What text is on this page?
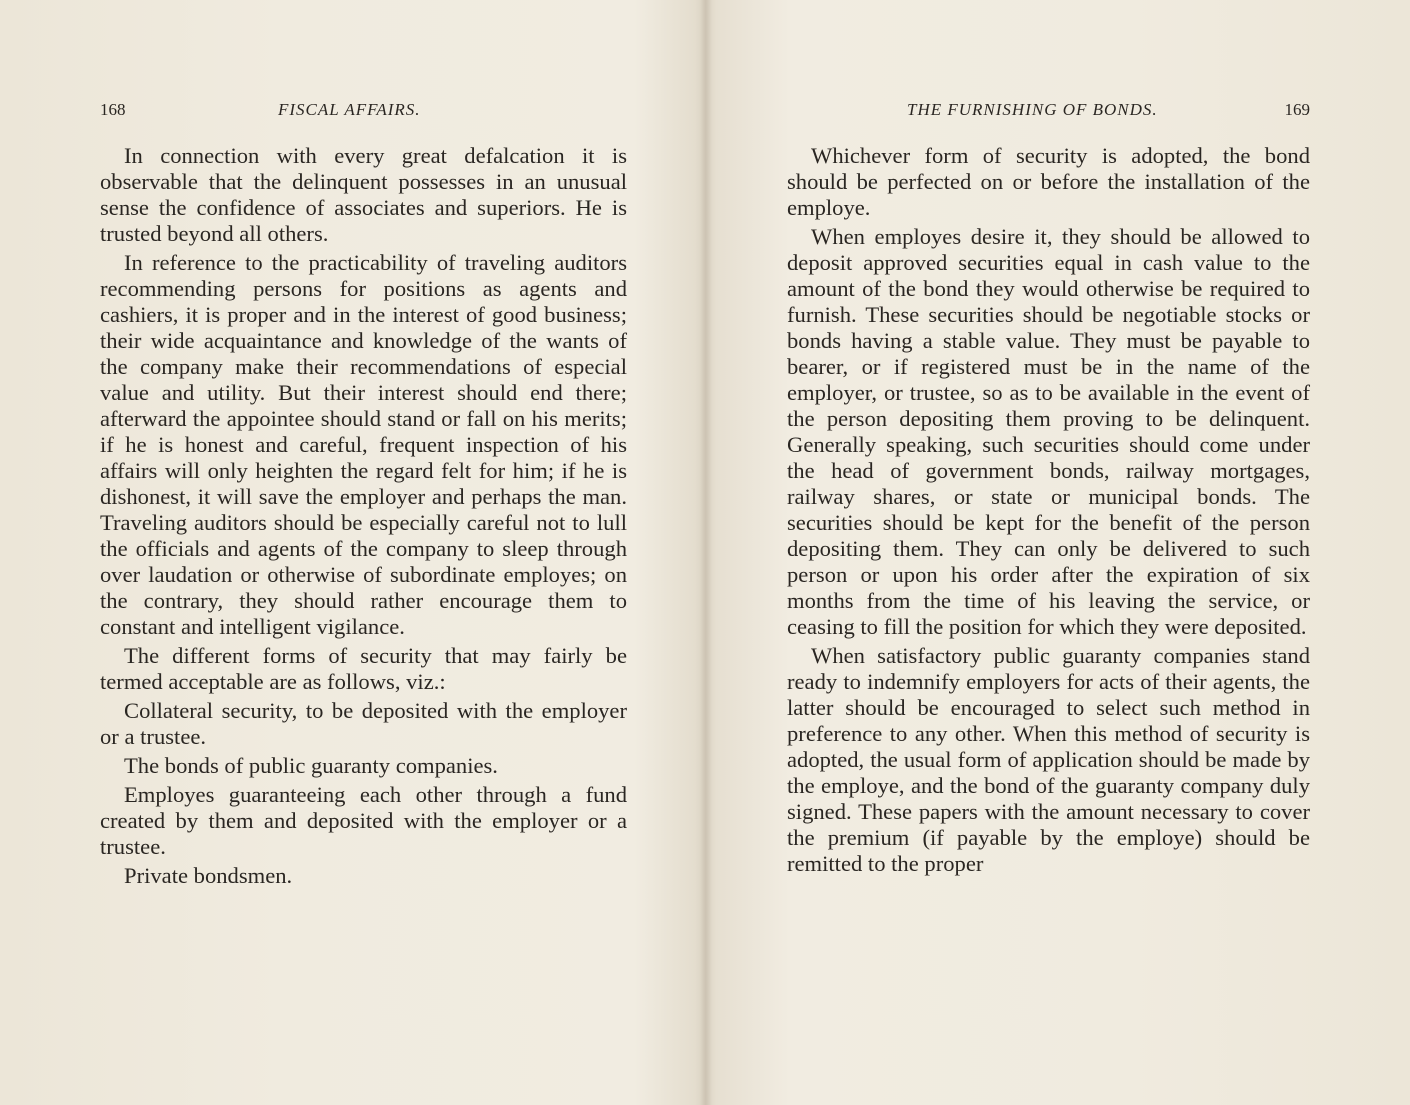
168	FISCAL AFFAIRS.

In connection with every great defalcation it is observable that the delinquent possesses in an unusual sense the confidence of associates and superiors. He is trusted beyond all others.

In reference to the practicability of traveling auditors recommending persons for positions as agents and cashiers, it is proper and in the interest of good business; their wide acquaintance and knowledge of the wants of the company make their recommendations of especial value and utility. But their interest should end there; afterward the appointee should stand or fall on his merits; if he is honest and careful, frequent inspection of his affairs will only heighten the regard felt for him; if he is dishonest, it will save the employer and perhaps the man. Traveling auditors should be especially careful not to lull the officials and agents of the company to sleep through over laudation or otherwise of subordinate employes; on the contrary, they should rather encourage them to constant and intelligent vigilance.

The different forms of security that may fairly be termed acceptable are as follows, viz.:

Collateral security, to be deposited with the employer or a trustee.

The bonds of public guaranty companies.

Employes guaranteeing each other through a fund created by them and deposited with the employer or a trustee.

Private bondsmen.

THE FURNISHING OF BONDS.	169

Whichever form of security is adopted, the bond should be perfected on or before the installation of the employe.

When employes desire it, they should be allowed to deposit approved securities equal in cash value to the amount of the bond they would otherwise be required to furnish. These securities should be negotiable stocks or bonds having a stable value. They must be payable to bearer, or if registered must be in the name of the employer, or trustee, so as to be available in the event of the person depositing them proving to be delinquent. Generally speaking, such securities should come under the head of government bonds, railway mortgages, railway shares, or state or municipal bonds. The securities should be kept for the benefit of the person depositing them. They can only be delivered to such person or upon his order after the expiration of six months from the time of his leaving the service, or ceasing to fill the position for which they were deposited.

When satisfactory public guaranty companies stand ready to indemnify employers for acts of their agents, the latter should be encouraged to select such method in preference to any other. When this method of security is adopted, the usual form of application should be made by the employe, and the bond of the guaranty company duly signed. These papers with the amount necessary to cover the premium (if payable by the employe) should be remitted to the proper
